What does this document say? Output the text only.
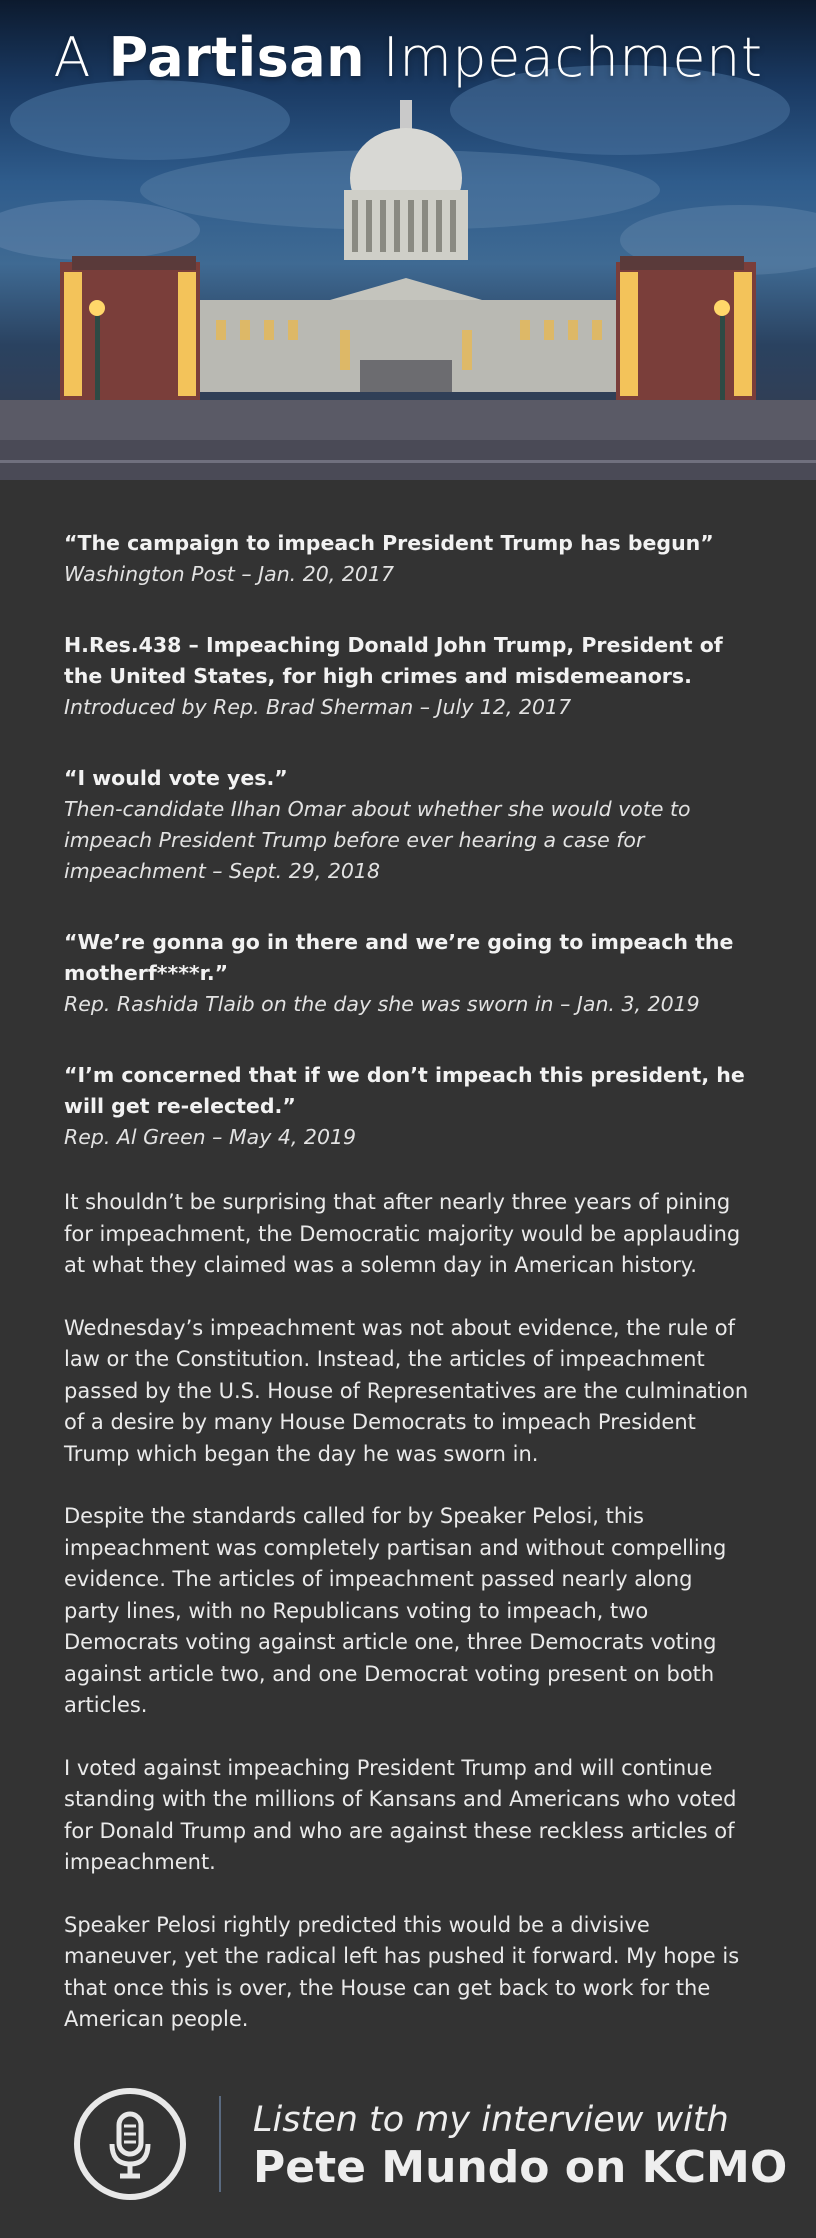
A Partisan Impeachment
“The campaign to impeach President Trump has begun”
Washington Post – Jan. 20, 2017
H.Res.438 – Impeaching Donald John Trump, President of the United States, for high crimes and misdemeanors.
Introduced by Rep. Brad Sherman – July 12, 2017
“I would vote yes.”
Then-candidate Ilhan Omar about whether she would vote to impeach President Trump before ever hearing a case for impeachment – Sept. 29, 2018
“We’re gonna go in there and we’re going to impeach the motherf****r.”
Rep. Rashida Tlaib on the day she was sworn in – Jan. 3, 2019
“I’m concerned that if we don’t impeach this president, he will get re-elected.”
Rep. Al Green – May 4, 2019

It shouldn’t be surprising that after nearly three years of pining for impeachment, the Democratic majority would be applauding at what they claimed was a solemn day in American history.

Wednesday’s impeachment was not about evidence, the rule of law or the Constitution. Instead, the articles of impeachment passed by the U.S. House of Representatives are the culmination of a desire by many House Democrats to impeach President Trump which began the day he was sworn in.

Despite the standards called for by Speaker Pelosi, this impeachment was completely partisan and without compelling evidence. The articles of impeachment passed nearly along party lines, with no Republicans voting to impeach, two Democrats voting against article one, three Democrats voting against article two, and one Democrat voting present on both articles.

I voted against impeaching President Trump and will continue standing with the millions of Kansans and Americans who voted for Donald Trump and who are against these reckless articles of impeachment.

Speaker Pelosi rightly predicted this would be a divisive maneuver, yet the radical left has pushed it forward. My hope is that once this is over, the House can get back to work for the American people.

Listen to my interview with
Pete Mundo on KCMO
